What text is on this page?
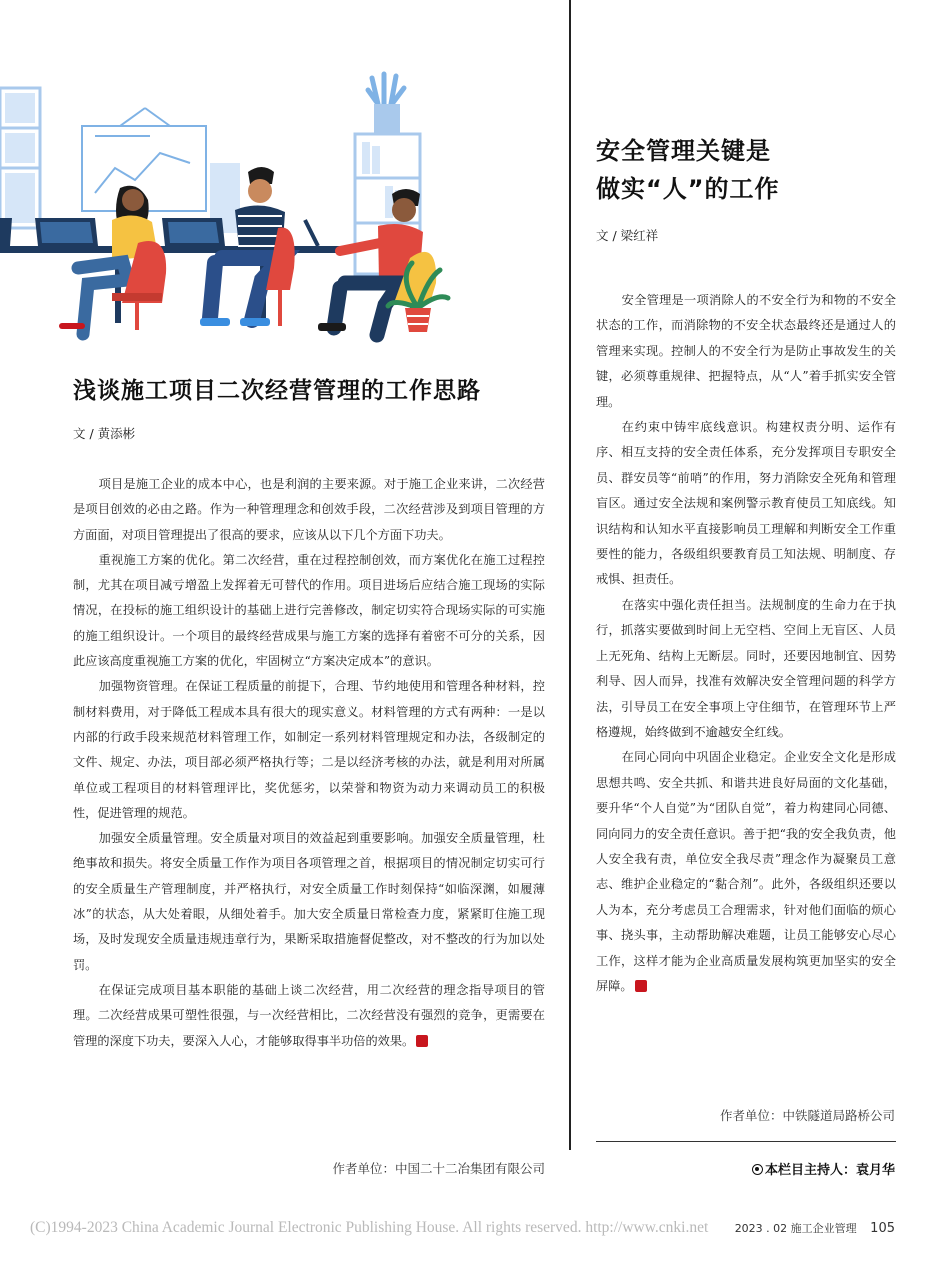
浅谈施工项目二次经营管理的工作思路
文 / 黄添彬

项目是施工企业的成本中心，也是利润的主要来源。对于施工企业来讲，二次经营是项目创效的必由之路。作为一种管理理念和创效手段，二次经营涉及到项目管理的方方面面，对项目管理提出了很高的要求，应该从以下几个方面下功夫。

重视施工方案的优化。第二次经营，重在过程控制创效，而方案优化在施工过程控制，尤其在项目减亏增盈上发挥着无可替代的作用。项目进场后应结合施工现场的实际情况，在投标的施工组织设计的基础上进行完善修改，制定切实符合现场实际的可实施的施工组织设计。一个项目的最终经营成果与施工方案的选择有着密不可分的关系，因此应该高度重视施工方案的优化，牢固树立“方案决定成本”的意识。

加强物资管理。在保证工程质量的前提下，合理、节约地使用和管理各种材料，控制材料费用，对于降低工程成本具有很大的现实意义。材料管理的方式有两种：一是以内部的行政手段来规范材料管理工作，如制定一系列材料管理规定和办法，各级制定的文件、规定、办法，项目部必须严格执行等；二是以经济考核的办法，就是利用对所属单位或工程项目的材料管理评比，奖优惩劣，以荣誉和物资为动力来调动员工的积极性，促进管理的规范。

加强安全质量管理。安全质量对项目的效益起到重要影响。加强安全质量管理，杜绝事故和损失。将安全质量工作作为项目各项管理之首，根据项目的情况制定切实可行的安全质量生产管理制度，并严格执行，对安全质量工作时刻保持“如临深渊，如履薄冰”的状态，从大处着眼，从细处着手。加大安全质量日常检查力度，紧紧盯住施工现场，及时发现安全质量违规违章行为，果断采取措施督促整改，对不整改的行为加以处罚。

在保证完成项目基本职能的基础上谈二次经营，用二次经营的理念指导项目的管理。二次经营成果可塑性很强，与一次经营相比，二次经营没有强烈的竞争，更需要在管理的深度下功夫，要深入人心，才能够取得事半功倍的效果。	c

作者单位：中国二十二冶集团有限公司
安全管理关键是
做实“人”的工作
文 / 梁红祥

安全管理是一项消除人的不安全行为和物的不安全状态的工作，而消除物的不安全状态最终还是通过人的管理来实现。控制人的不安全行为是防止事故发生的关键，必须尊重规律、把握特点，从“人”着手抓实安全管理。

在约束中铸牢底线意识。构建权责分明、运作有序、相互支持的安全责任体系，充分发挥项目专职安全员、群安员等“前哨”的作用，努力消除安全死角和管理盲区。通过安全法规和案例警示教育使员工知底线。知识结构和认知水平直接影响员工理解和判断安全工作重要性的能力，各级组织要教育员工知法规、明制度、存戒惧、担责任。

在落实中强化责任担当。法规制度的生命力在于执行，抓落实要做到时间上无空档、空间上无盲区、人员上无死角、结构上无断层。同时，还要因地制宜、因势利导、因人而异，找准有效解决安全管理问题的科学方法，引导员工在安全事项上守住细节，在管理环节上严格遵规，始终做到不逾越安全红线。

在同心同向中巩固企业稳定。企业安全文化是形成思想共鸣、安全共抓、和谐共进良好局面的文化基础，要升华“个人自觉”为“团队自觉”，着力构建同心同德、同向同力的安全责任意识。善于把“我的安全我负责，他人安全我有责，单位安全我尽责”理念作为凝聚员工意志、维护企业稳定的“黏合剂”。此外，各级组织还要以人为本，充分考虑员工合理需求，针对他们面临的烦心事、挠头事，主动帮助解决难题，让员工能够安心尽心工作，这样才能为企业高质量发展构筑更加坚实的安全屏障。	c

作者单位：中铁隧道局路桥公司
本栏目主持人：袁月华
(C)1994-2023 China Academic Journal Electronic Publishing House. All rights reserved. http://www.cnki.net 2023 . 02 施工企业管理 105
